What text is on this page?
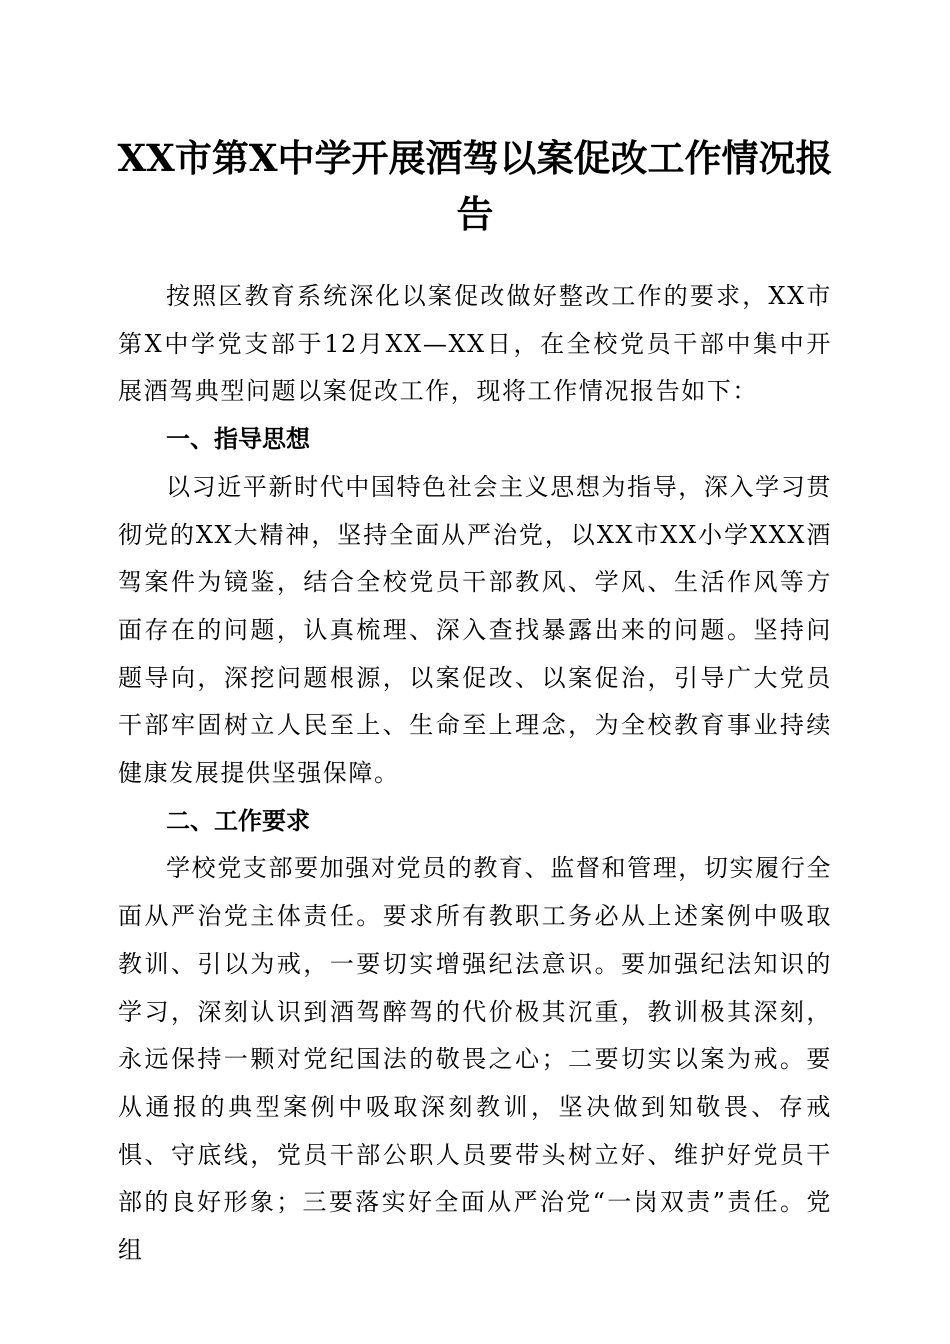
XX市第X中学开展酒驾以案促改工作情况报告

按照区教育系统深化以案促改做好整改工作的要求，XX市第X中学党支部于12月XX—XX日，在全校党员干部中集中开展酒驾典型问题以案促改工作，现将工作情况报告如下：

一、指导思想

以习近平新时代中国特色社会主义思想为指导，深入学习贯彻党的XX大精神，坚持全面从严治党，以XX市XX小学XXX酒驾案件为镜鉴，结合全校党员干部教风、学风、生活作风等方面存在的问题，认真梳理、深入查找暴露出来的问题。坚持问题导向，深挖问题根源，以案促改、以案促治，引导广大党员干部牢固树立人民至上、生命至上理念，为全校教育事业持续健康发展提供坚强保障。

二、工作要求

学校党支部要加强对党员的教育、监督和管理，切实履行全面从严治党主体责任。要求所有教职工务必从上述案例中吸取教训、引以为戒，一要切实增强纪法意识。要加强纪法知识的学习，深刻认识到酒驾醉驾的代价极其沉重，教训极其深刻，永远保持一颗对党纪国法的敬畏之心；二要切实以案为戒。要从通报的典型案例中吸取深刻教训，坚决做到知敬畏、存戒惧、守底线，党员干部公职人员要带头树立好、维护好党员干部的良好形象；三要落实好全面从严治党“一岗双责”责任。党组
